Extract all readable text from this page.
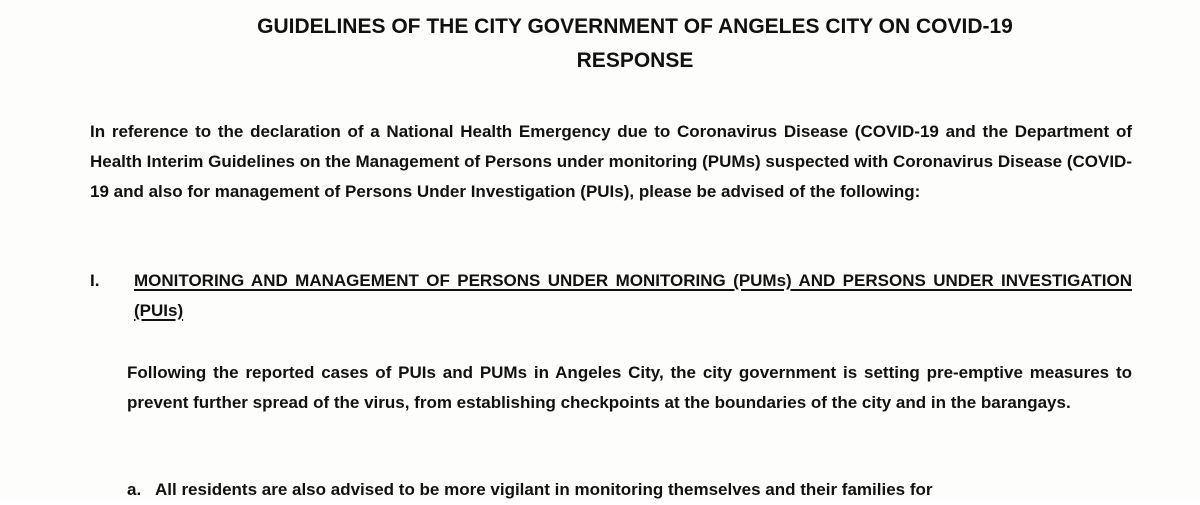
GUIDELINES OF THE CITY GOVERNMENT OF ANGELES CITY ON COVID-19
RESPONSE

In reference to the declaration of a National Health Emergency due to Coronavirus Disease (COVID-19 and the Department of Health Interim Guidelines on the Management of Persons under monitoring (PUMs) suspected with Coronavirus Disease (COVID-19 and also for management of Persons Under Investigation (PUIs), please be advised of the following:

I.	MONITORING AND MANAGEMENT OF PERSONS UNDER MONITORING (PUMs) AND PERSONS UNDER INVESTIGATION (PUIs)

Following the reported cases of PUIs and PUMs in Angeles City, the city government is setting pre-emptive measures to prevent further spread of the virus, from establishing checkpoints at the boundaries of the city and in the barangays.

a. All residents are also advised to be more vigilant in monitoring themselves and their families for
